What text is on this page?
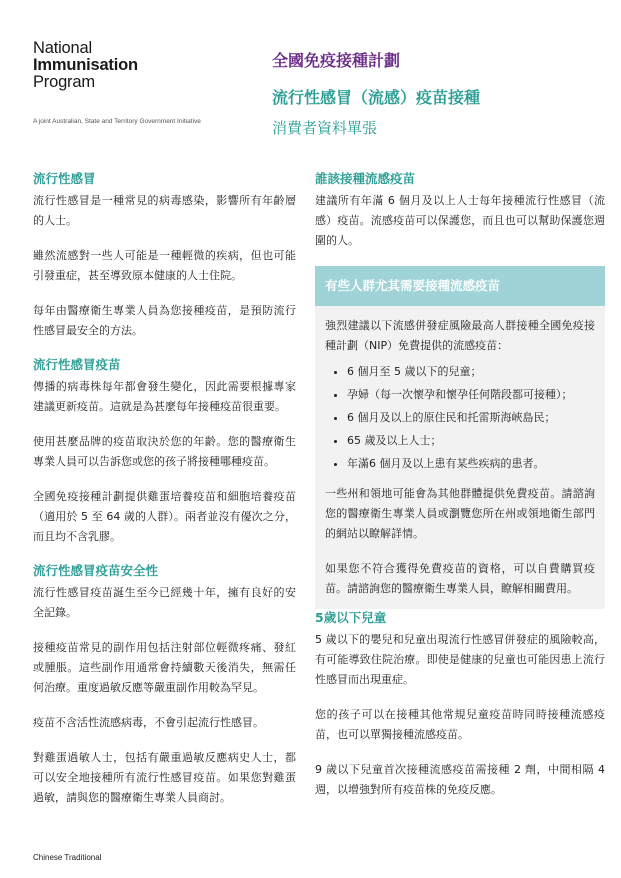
National
Immunisation
Program
A joint Australian, State and Territory Government Initiative
全國免疫接種計劃
流行性感冒（流感）疫苗接種
消費者資料單張
流行性感冒

流行性感冒是一種常見的病毒感染，影響所有年齡層的人士。

雖然流感對一些人可能是一種輕微的疾病，但也可能引發重症，甚至導致原本健康的人士住院。

每年由醫療衛生專業人員為您接種疫苗，是預防流行性感冒最安全的方法。

流行性感冒疫苗

傳播的病毒株每年都會發生變化，因此需要根據專家建議更新疫苗。這就是為甚麼每年接種疫苗很重要。

使用甚麼品牌的疫苗取決於您的年齡。您的醫療衛生專業人員可以告訴您或您的孩子將接種哪種疫苗。

全國免疫接種計劃提供雞蛋培養疫苗和細胞培養疫苗（適用於 5 至 64 歲的人群）。兩者並沒有優次之分，而且均不含乳膠。

流行性感冒疫苗安全性

流行性感冒疫苗誕生至今已經幾十年，擁有良好的安全記錄。

接種疫苗常見的副作用包括注射部位輕微疼痛、發紅或腫脹。這些副作用通常會持續數天後消失，無需任何治療。重度過敏反應等嚴重副作用較為罕見。

疫苗不含活性流感病毒，不會引起流行性感冒。

對雞蛋過敏人士，包括有嚴重過敏反應病史人士，都可以安全地接種所有流行性感冒疫苗。如果您對雞蛋過敏，請與您的醫療衛生專業人員商討。

誰該接種流感疫苗

建議所有年滿 6 個月及以上人士每年接種流行性感冒（流感）疫苗。流感疫苗可以保護您，而且也可以幫助保護您週圍的人。

有些人群尤其需要接種流感疫苗

強烈建議以下流感併發症風險最高人群接種全國免疫接種計劃（NIP）免費提供的流感疫苗：

• 6 個月至 5 歲以下的兒童；
• 孕婦（每一次懷孕和懷孕任何階段都可接種）；
• 6 個月及以上的原住民和托雷斯海峽島民；
• 65 歲及以上人士；
• 年滿6 個月及以上患有某些疾病的患者。

一些州和領地可能會為其他群體提供免費疫苗。請諮詢您的醫療衛生專業人員或瀏覽您所在州或領地衛生部門的網站以瞭解詳情。

如果您不符合獲得免費疫苗的資格，可以自費購買疫苗。請諮詢您的醫療衛生專業人員，瞭解相關費用。

5歲以下兒童

5 歲以下的嬰兒和兒童出現流行性感冒併發症的風險較高，有可能導致住院治療。即使是健康的兒童也可能因患上流行性感冒而出現重症。

您的孩子可以在接種其他常規兒童疫苗時同時接種流感疫苗，也可以單獨接種流感疫苗。

9 歲以下兒童首次接種流感疫苗需接種 2 劑，中間相隔 4 週，以增強對所有疫苗株的免疫反應。

Chinese Traditional
